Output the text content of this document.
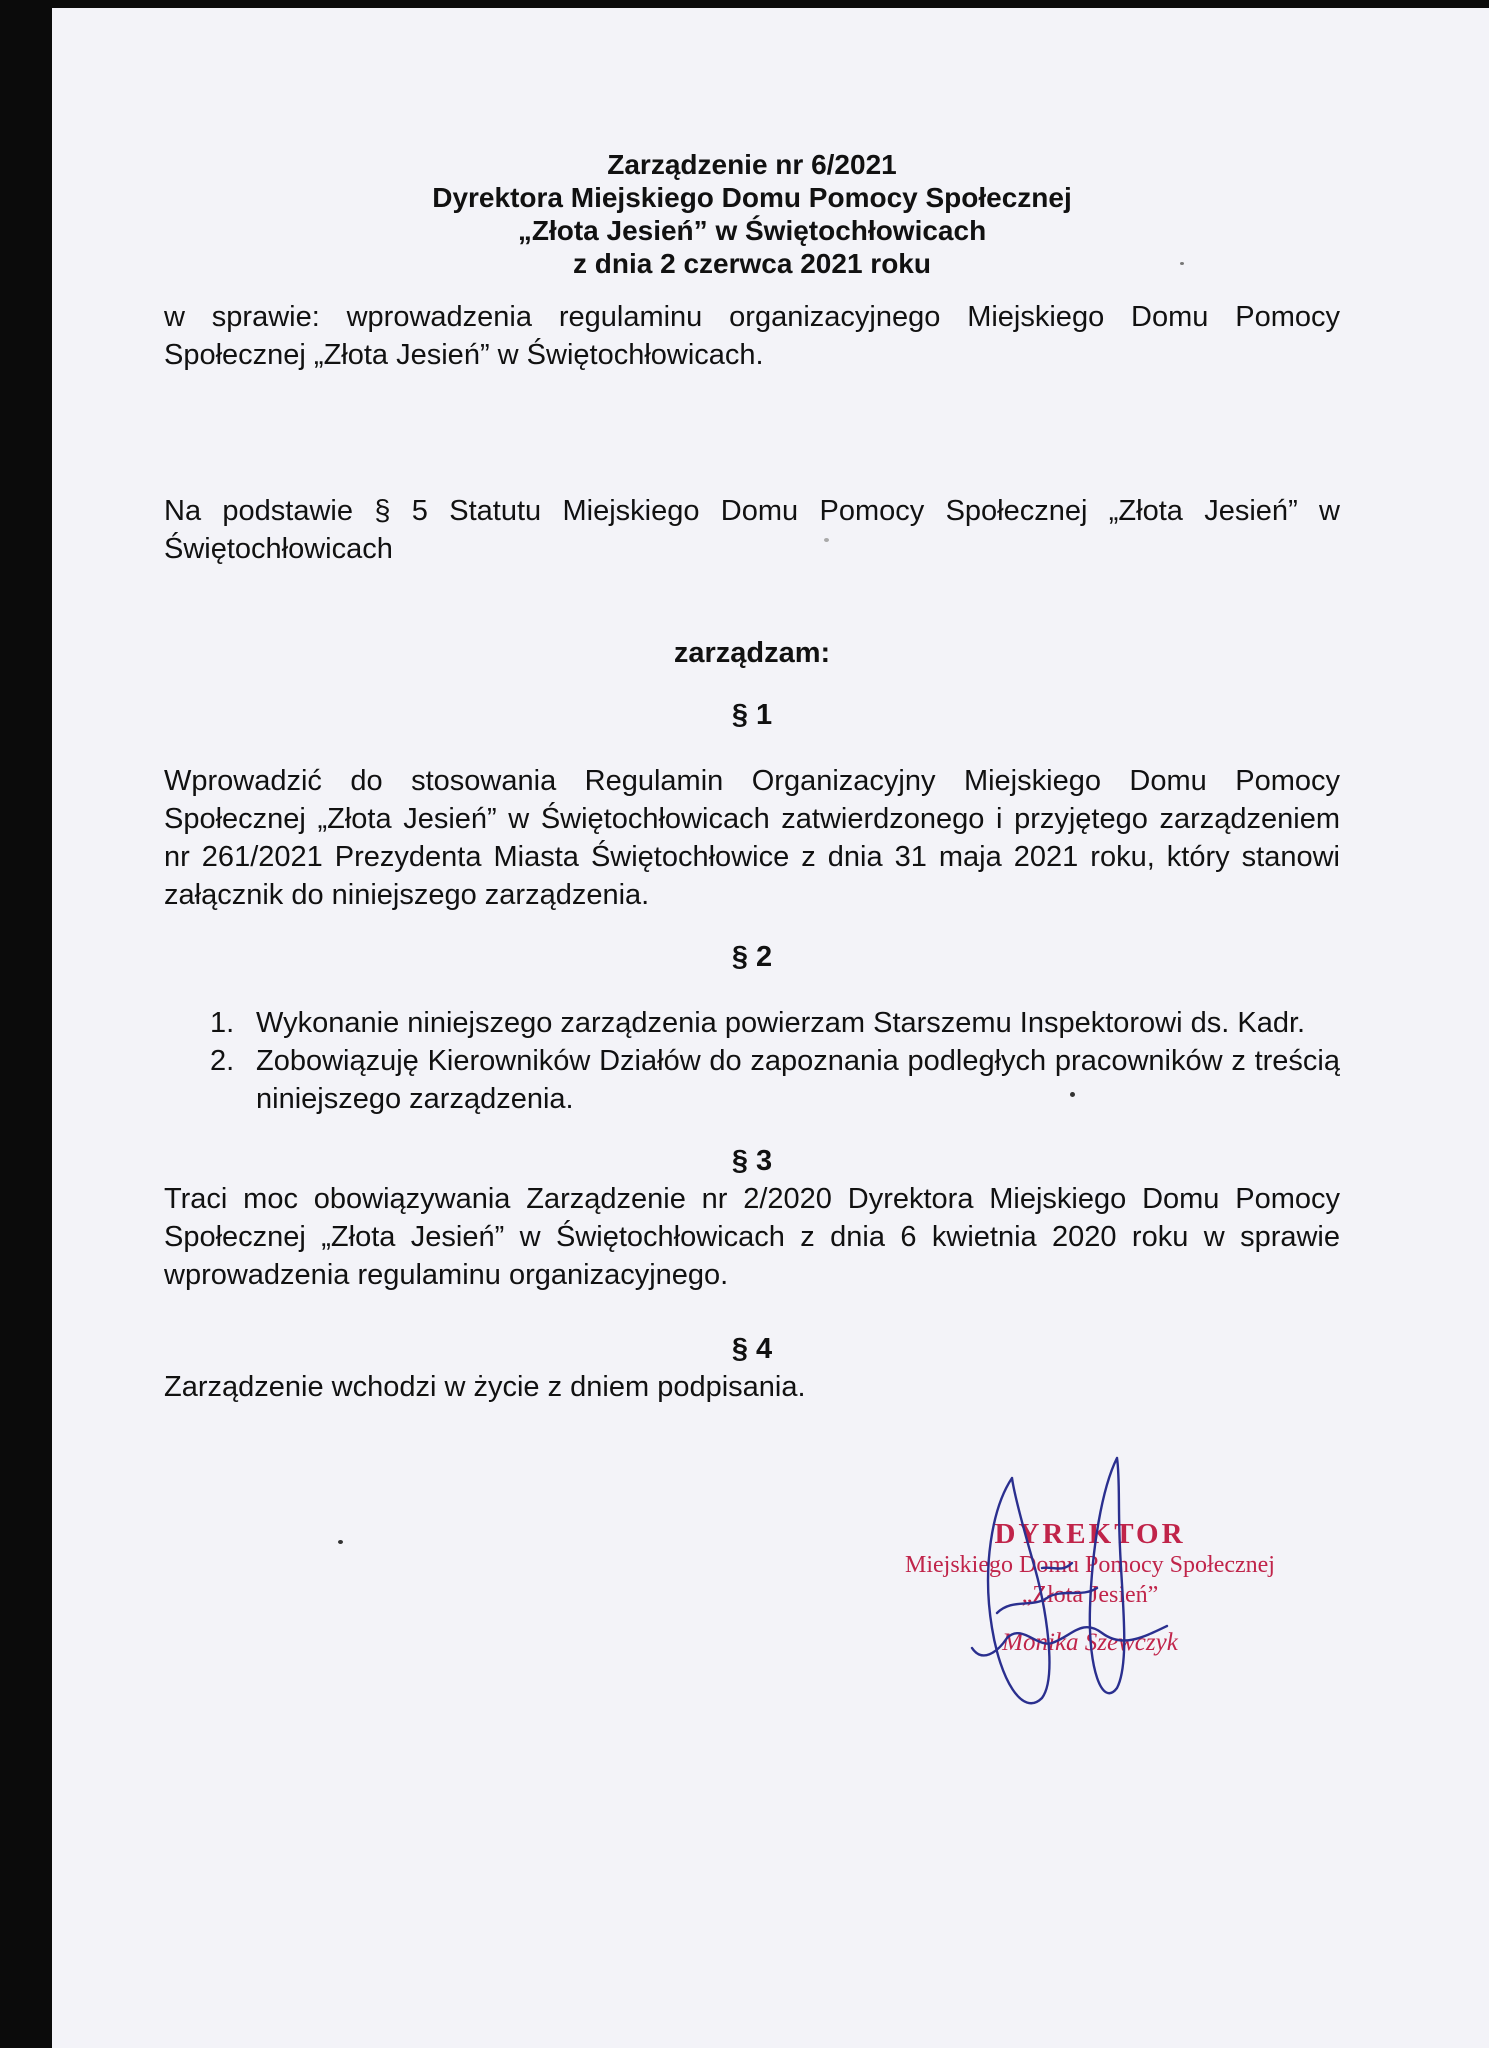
Zarządzenie nr 6/2021
Dyrektora Miejskiego Domu Pomocy Społecznej
„Złota Jesień” w Świętochłowicach
z dnia 2 czerwca 2021 roku

w sprawie: wprowadzenia regulaminu organizacyjnego Miejskiego Domu Pomocy Społecznej „Złota Jesień” w Świętochłowicach.

Na podstawie § 5 Statutu Miejskiego Domu Pomocy Społecznej „Złota Jesień” w Świętochłowicach

zarządzam:
§ 1

Wprowadzić do stosowania Regulamin Organizacyjny Miejskiego Domu Pomocy Społecznej „Złota Jesień” w Świętochłowicach zatwierdzonego i przyjętego zarządzeniem nr 261/2021 Prezydenta Miasta Świętochłowice z dnia 31 maja 2021 roku, który stanowi załącznik do niniejszego zarządzenia.

§ 2
1. Wykonanie niniejszego zarządzenia powierzam Starszemu Inspektorowi ds. Kadr.
2. Zobowiązuję Kierowników Działów do zapoznania podległych pracowników z treścią niniejszego zarządzenia.
§ 3

Traci moc obowiązywania Zarządzenie nr 2/2020 Dyrektora Miejskiego Domu Pomocy Społecznej „Złota Jesień” w Świętochłowicach z dnia 6 kwietnia 2020 roku w sprawie wprowadzenia regulaminu organizacyjnego.

§ 4

Zarządzenie wchodzi w życie z dniem podpisania.

DYREKTOR
Miejskiego Domu Pomocy Społecznej
„Złota Jesień”
Monika Szewczyk
